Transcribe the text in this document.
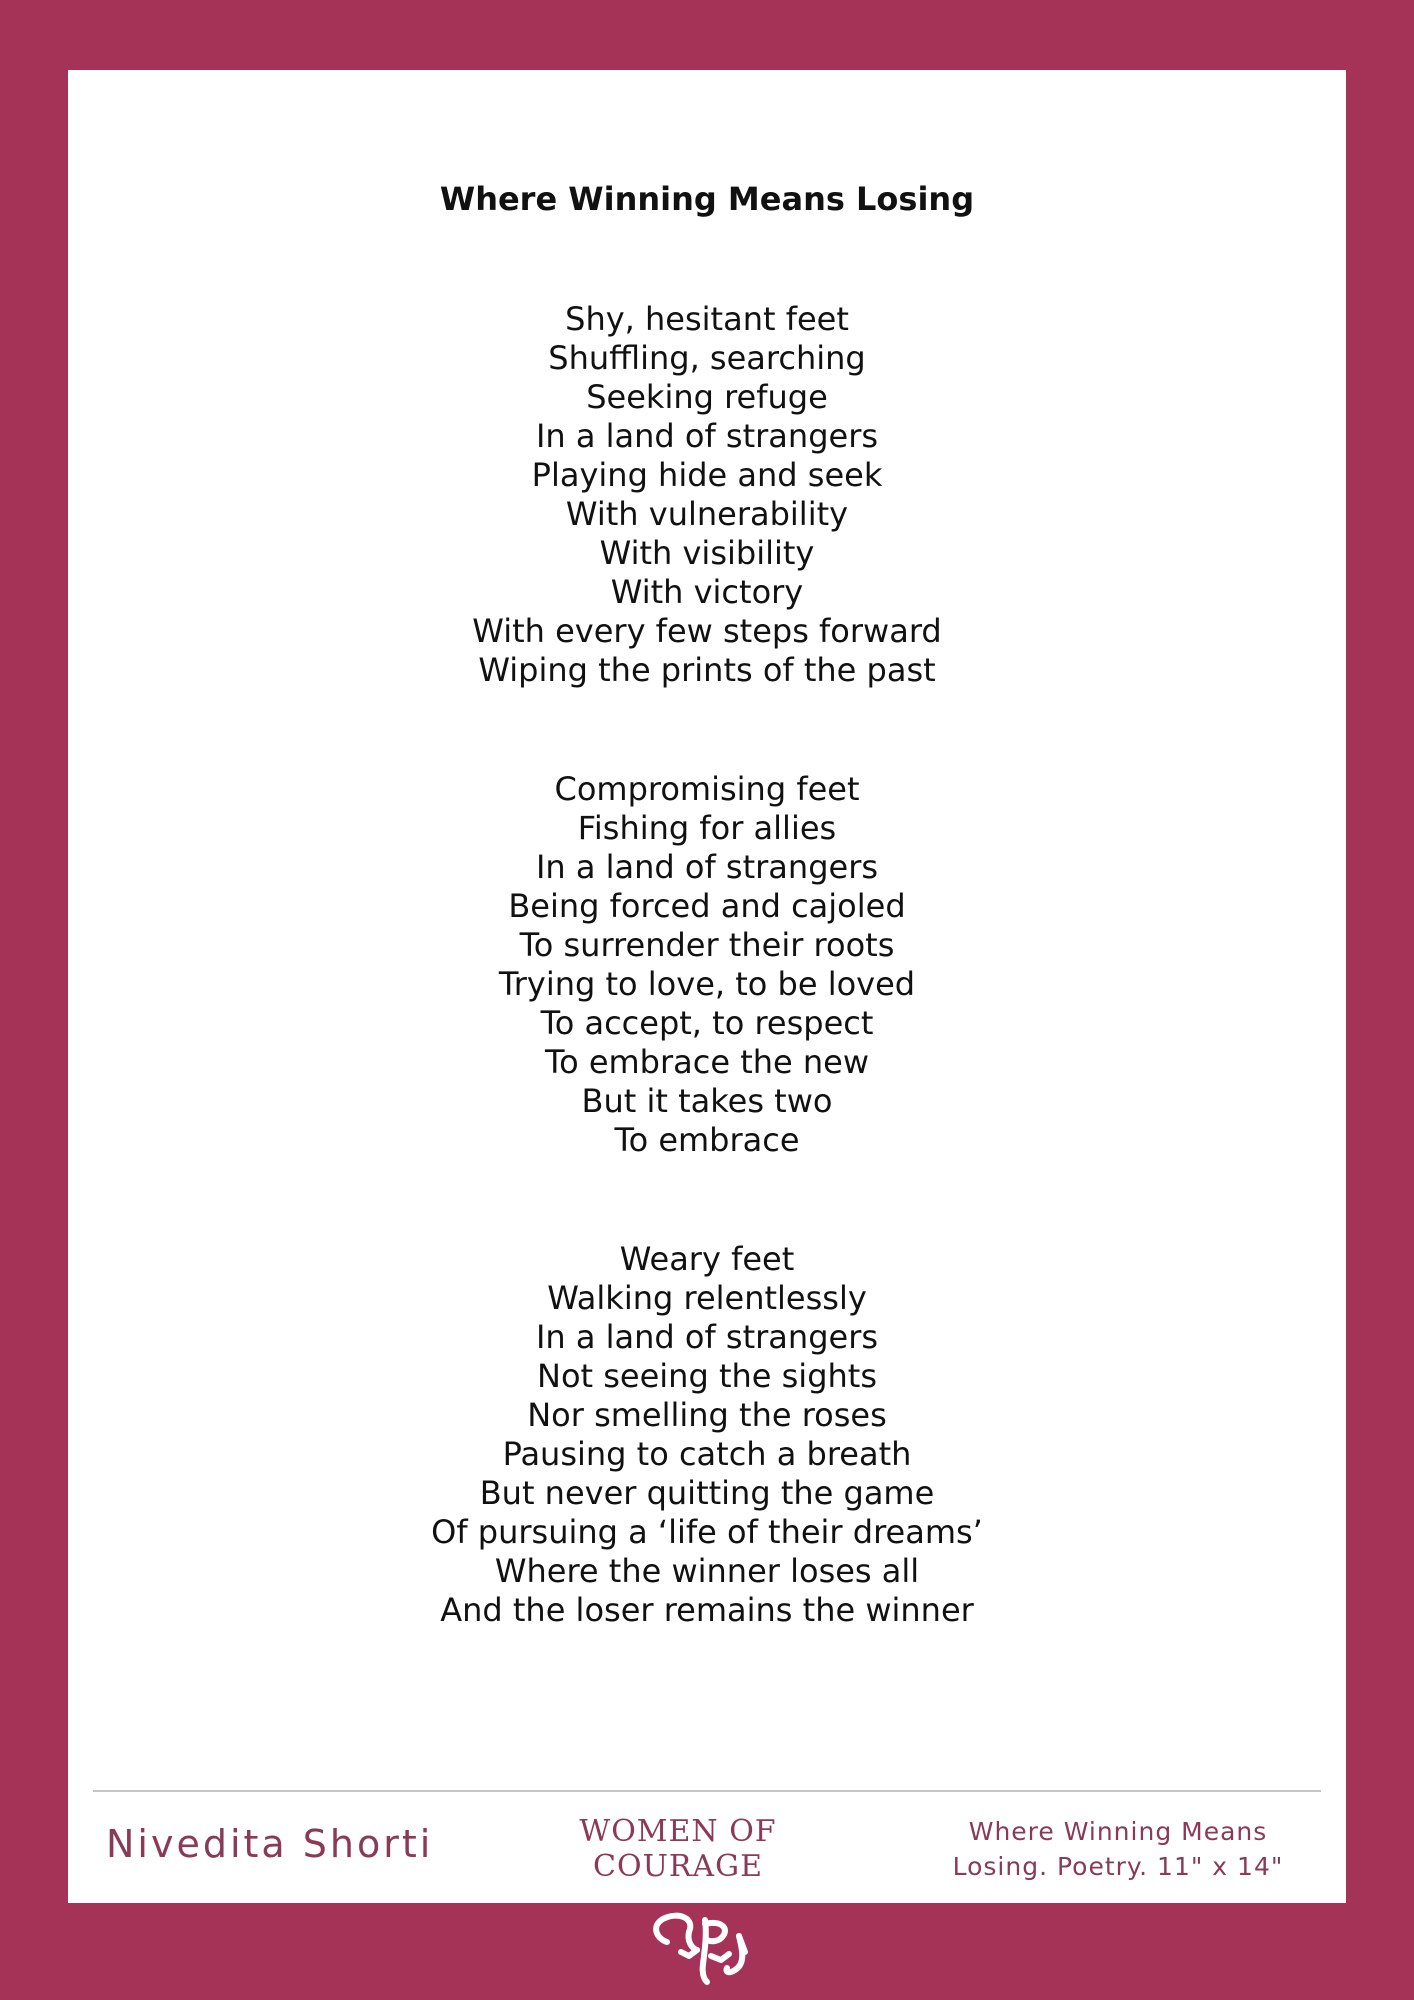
Where Winning Means Losing
Shy, hesitant feet
Shuffling, searching
Seeking refuge
In a land of strangers
Playing hide and seek
With vulnerability
With visibility
With victory
With every few steps forward
Wiping the prints of the past
Compromising feet
Fishing for allies
In a land of strangers
Being forced and cajoled
To surrender their roots
Trying to love, to be loved
To accept, to respect
To embrace the new
But it takes two
To embrace
Weary feet
Walking relentlessly
In a land of strangers
Not seeing the sights
Nor smelling the roses
Pausing to catch a breath
But never quitting the game
Of pursuing a ‘life of their dreams’
Where the winner loses all
And the loser remains the winner
Nivedita Shorti	WOMEN OF
COURAGE
Where Winning Means
Losing. Poetry. 11" x 14"
